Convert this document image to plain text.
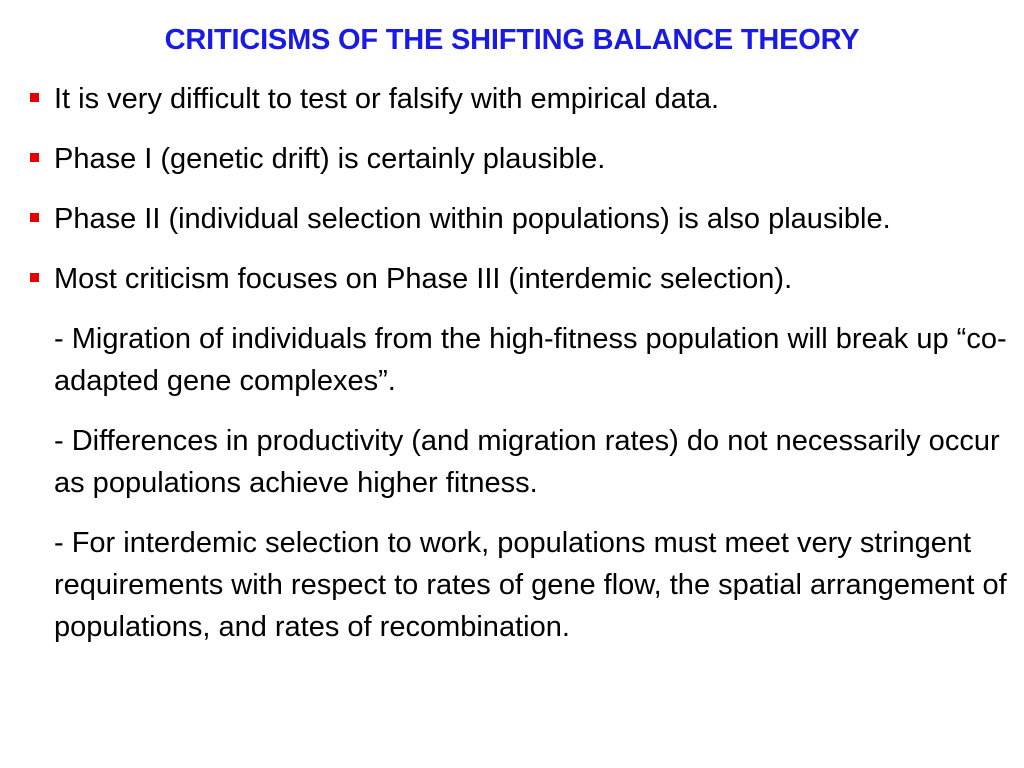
CRITICISMS OF THE SHIFTING BALANCE THEORY
It is very difficult to test or falsify with empirical data.
Phase I (genetic drift) is certainly plausible.
Phase II (individual selection within populations) is also plausible.
Most criticism focuses on Phase III (interdemic selection).
- Migration of individuals from the high-fitness population will break up “co-adapted gene complexes”.
- Differences in productivity (and migration rates) do not necessarily occur as populations achieve higher fitness.
- For interdemic selection to work, populations must meet very stringent requirements with respect to rates of gene flow, the spatial arrangement of populations, and rates of recombination.
